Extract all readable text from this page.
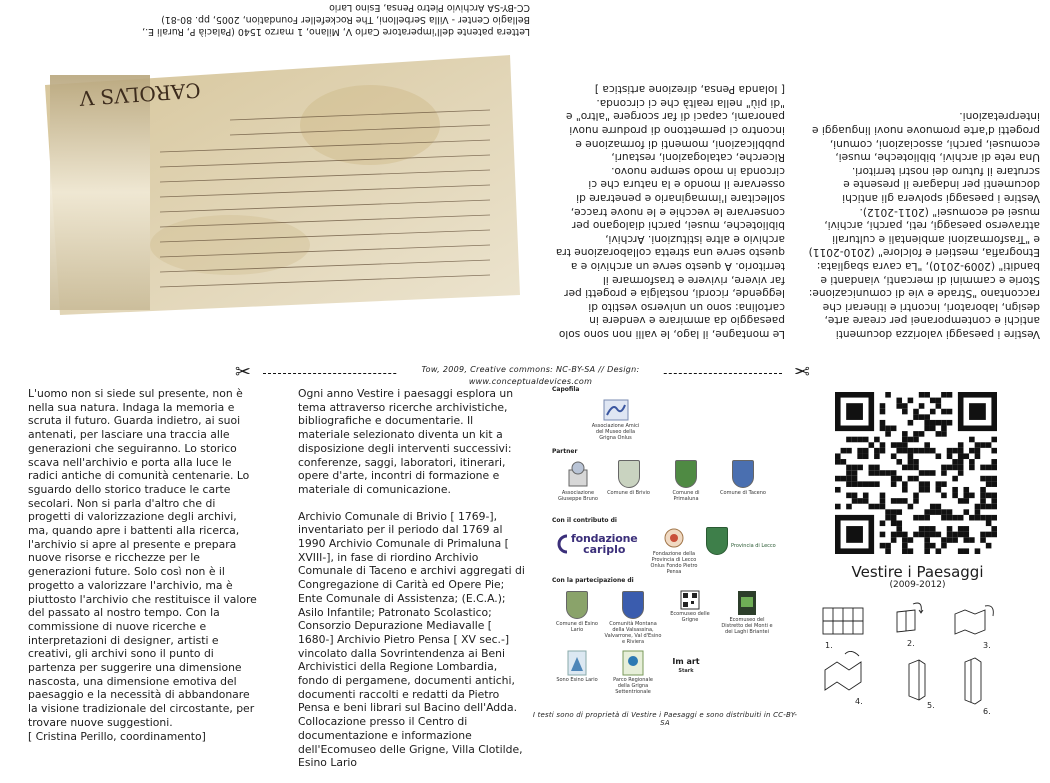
Vestire i paesaggi valorizza documenti antichi e contemporanei per creare arte, design, laboratori, incontri e itinerari che raccontano "Strade e vie di comunicazione: Storie e cammini di mercanti, viandanti e banditi" (2009-2010), "La cavra sbagliata: Etnografia, mestieri e folclore" (2010-2011) e "Trasformazioni ambientali e culturali attraverso paesaggi, reti, parchi, archivi, musei ed ecomusei" (2011-2012).
Vestire i paesaggi spolvera gli antichi documenti per indagare il presente e scrutare il futuro dei nostri territori.
Una rete di archivi, biblioteche, musei, ecomusei, parchi, associazioni, comuni, progetti d'arte promuove nuovi linguaggi e interpretazioni.
Le montagne, il lago, le valli non sono solo paesaggio da ammirare e vendere in cartolina: sono un universo vestito di leggende, ricordi, nostalgia e progetti per far vivere, rivivere e trasformare il territorio. A questo serve un archivio e a questo serve una stretta collaborazione tra archivio e altre istituzioni. Archivi, biblioteche, musei, parchi dialogano per conservare le vecchie e le nuove tracce, sollecitare l'immaginario e penetrare di osservare il mondo e la natura che ci circonda in modo sempre nuovo.
Ricerche, catalogazioni, restauri, pubblicazioni, momenti di formazione e incontro ci permettono di produrre nuovi panorami, capaci di far scorgere "altro" e "di più" nella realtà che ci circonda.
[ Iolanda Pensa, direzione artistica ]
CAROLVS V
Lettera patente dell'imperatore Carlo V, Milano, 1 marzo 1540 (Palacià P, Rurali E.,
Bellagio Center - Villa Serbelloni, The Rockefeller Foundation, 2005, pp. 80-81)
CC-BY-SA Archivio Pietro Pensa, Esino Lario
✂	✂
Tow, 2009, Creative commons: NC-BY-SA // Design: www.conceptualdevices.com

L'uomo non si siede sul presente, non è nella sua natura. Indaga la memoria e scruta il futuro. Guarda indietro, ai suoi antenati, per lasciare una traccia alle generazioni che seguiranno. Lo storico scava nell'archivio e porta alla luce le radici antiche di comunità centenarie. Lo sguardo dello storico traduce le carte secolari. Non si parla d'altro che di progetti di valorizzazione degli archivi, ma, quando apre i battenti alla ricerca, l'archivio si apre al presente e prepara nuove risorse e ricchezze per le generazioni future. Solo così non è il progetto a valorizzare l'archivio, ma è piuttosto l'archivio che restituisce il valore del passato al nostro tempo. Con la commissione di nuove ricerche e interpretazioni di designer, artisti e creativi, gli archivi sono il punto di partenza per suggerire una dimensione nascosta, una dimensione emotiva del paesaggio e la necessità di abbandonare la visione tradizionale del circostante, per trovare nuove suggestioni.

[ Cristina Perillo, coordinamento]

Ogni anno Vestire i paesaggi esplora un tema attraverso ricerche archivistiche, bibliografiche e documentarie. Il materiale selezionato diventa un kit a disposizione degli interventi successivi: conferenze, saggi, laboratori, itinerari, opere d'arte, incontri di formazione e materiale di comunicazione.

Archivio Comunale di Brivio [ 1769-], inventariato per il periodo dal 1769 al 1990 Archivio Comunale di Primaluna [ XVIII-], in fase di riordino Archivio Comunale di Taceno e archivi aggregati di Congregazione di Carità ed Opere Pie; Ente Comunale di Assistenza; (E.C.A.); Asilo Infantile; Patronato Scolastico; Consorzio Depurazione Mediavalle [ 1680-] Archivio Pietro Pensa [ XV sec.-] vincolato dalla Sovrintendenza ai Beni Archivistici della Regione Lombardia, fondo di pergamene, documenti antichi, documenti raccolti e redatti da Pietro Pensa e beni librari sul Bacino dell'Adda. Collocazione presso il Centro di documentazione e informazione dell'Ecomuseo delle Grigne, Villa Clotilde, Esino Lario

Capofila
Associazione Amici del Museo della Grigna Onlus
Partner
Associazione Giuseppe Bruno
Comune di Brivio	Comune di Primaluna
Comune di Taceno
Con il contributo di
fondazione
cariplo	Fondazione della Provincia di Lecco Onlus Fondo Pietro Pensa
Provincia di Lecco
Con la partecipazione di
Comune di Esino Lario
Comunità Montana della Valsassina, Valvarrone, Val d'Esino e Riviera
Ecomuseo delle Grigne	Ecomuseo del Distretto dei Monti e dei Laghi Briantei
Sono Esino Lario	Parco Regionale della Grigna Settentrionale
Im art
Stark
I testi sono di proprietà di Vestire i Paesaggi e sono distribuiti in CC-BY-SA
Vestire i Paesaggi
(2009-2012)
1.	2.	3.
4.	5.
6.
